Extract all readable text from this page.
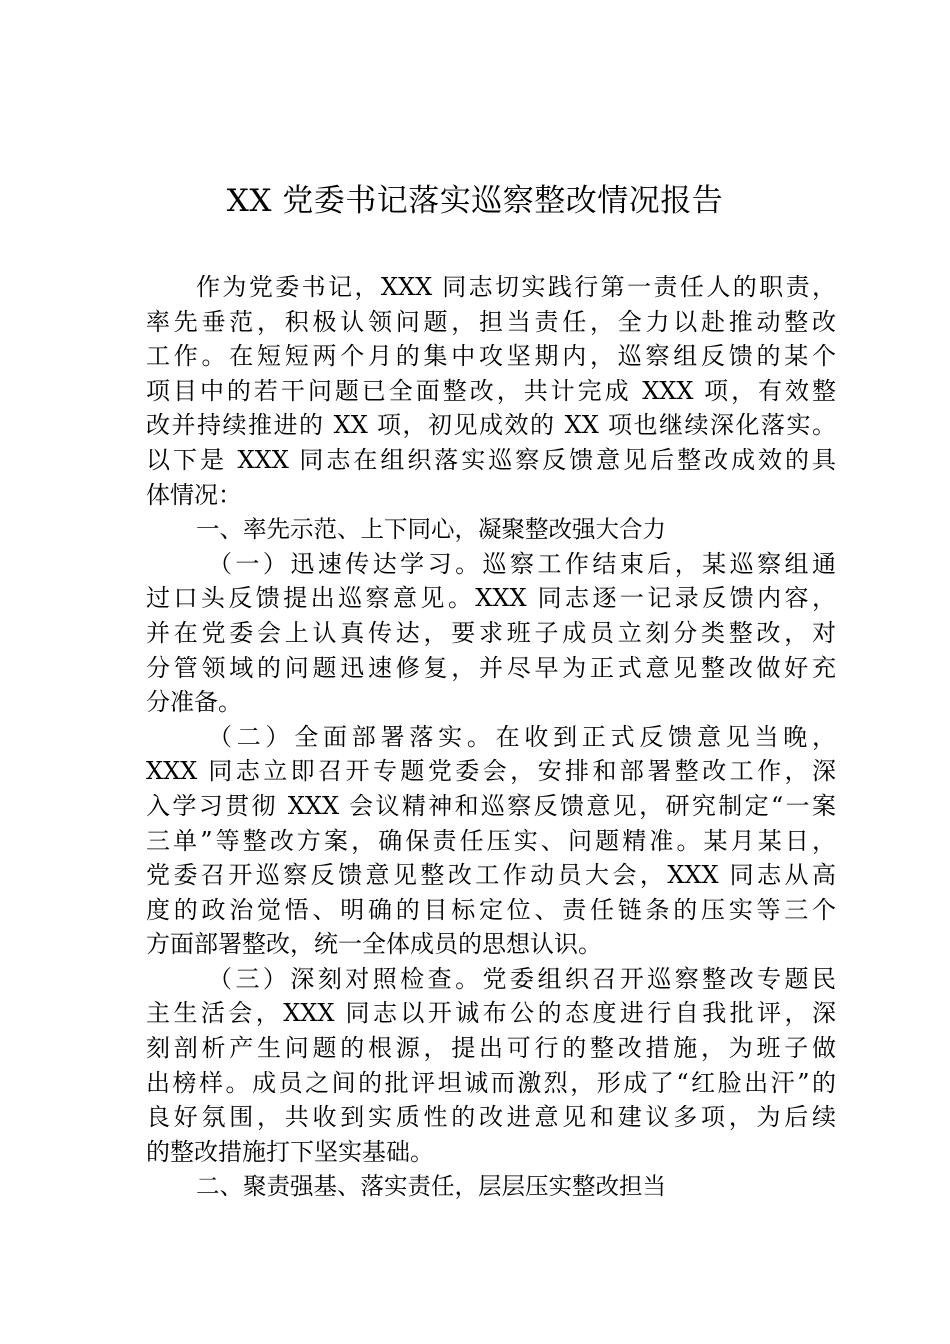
XX 党委书记落实巡察整改情况报告
作为党委书记，XXX 同志切实践行第一责任人的职责，
率先垂范，积极认领问题，担当责任，全力以赴推动整改
工作。在短短两个月的集中攻坚期内，巡察组反馈的某个
项目中的若干问题已全面整改，共计完成 XXX 项，有效整
改并持续推进的 XX 项，初见成效的 XX 项也继续深化落实。
以下是 XXX 同志在组织落实巡察反馈意见后整改成效的具
体情况：
一、率先示范、上下同心，凝聚整改强大合力
（一）迅速传达学习。巡察工作结束后，某巡察组通
过口头反馈提出巡察意见。XXX 同志逐一记录反馈内容，
并在党委会上认真传达，要求班子成员立刻分类整改，对
分管领域的问题迅速修复，并尽早为正式意见整改做好充
分准备。
（二）全面部署落实。在收到正式反馈意见当晚，
XXX 同志立即召开专题党委会，安排和部署整改工作，深
入学习贯彻 XXX 会议精神和巡察反馈意见，研究制定“一案
三单”等整改方案，确保责任压实、问题精准。某月某日，
党委召开巡察反馈意见整改工作动员大会，XXX 同志从高
度的政治觉悟、明确的目标定位、责任链条的压实等三个
方面部署整改，统一全体成员的思想认识。
（三）深刻对照检查。党委组织召开巡察整改专题民
主生活会，XXX 同志以开诚布公的态度进行自我批评，深
刻剖析产生问题的根源，提出可行的整改措施，为班子做
出榜样。成员之间的批评坦诚而激烈，形成了“红脸出汗”的
良好氛围，共收到实质性的改进意见和建议多项，为后续
的整改措施打下坚实基础。
二、聚责强基、落实责任，层层压实整改担当
